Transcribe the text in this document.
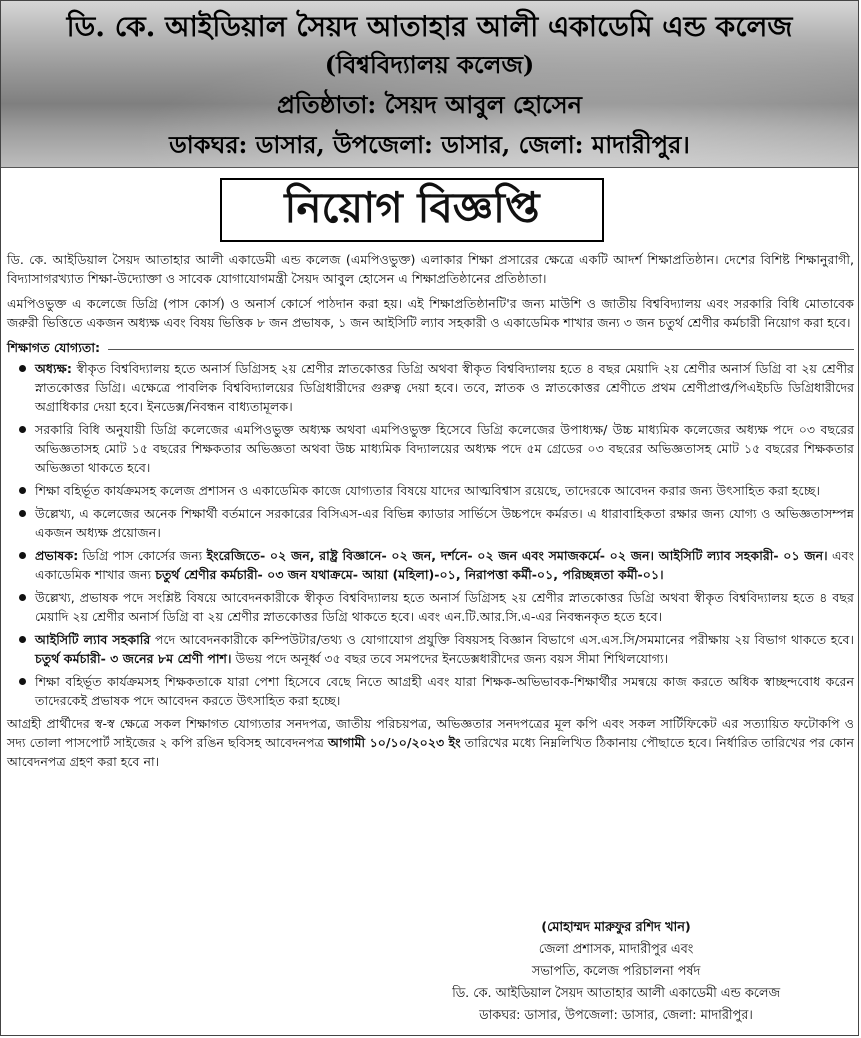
ডি. কে. আইডিয়াল সৈয়দ আতাহার আলী একাডেমি এন্ড কলেজ
(বিশ্ববিদ্যালয় কলেজ)
প্রতিষ্ঠাতা: সৈয়দ আবুল হোসেন
ডাকঘর: ডাসার, উপজেলা: ডাসার, জেলা: মাদারীপুর।
নিয়োগ বিজ্ঞপ্তি

ডি. কে. আইডিয়াল সৈয়দ আতাহার আলী একাডেমী এন্ড কলেজ (এমপিওভুক্ত) এলাকার শিক্ষা প্রসারের ক্ষেত্রে একটি আদর্শ শিক্ষাপ্রতিষ্ঠান। দেশের বিশিষ্ট শিক্ষানুরাগী, বিদ্যাসাগরখ্যাত শিক্ষা-উদ্যোক্তা ও সাবেক যোগাযোগমন্ত্রী সৈয়দ আবুল হোসেন এ শিক্ষাপ্রতিষ্ঠানের প্রতিষ্ঠাতা।

এমপিওভুক্ত এ কলেজে ডিগ্রি (পাস কোর্স) ও অনার্স কোর্সে পাঠদান করা হয়। এই শিক্ষাপ্রতিষ্ঠানটি'র জন্য মাউশি ও জাতীয় বিশ্ববিদ্যালয় এবং সরকারি বিধি মোতাবেক জরুরী ভিত্তিতে একজন অধ্যক্ষ এবং বিষয় ভিত্তিক ৮ জন প্রভাষক, ১ জন আইসিটি ল্যাব সহকারী ও একাডেমিক শাখার জন্য ৩ জন চতুর্থ শ্রেণীর কর্মচারী নিয়োগ করা হবে।

শিক্ষাগত যোগ্যতা:
অধ্যক্ষ: স্বীকৃত বিশ্ববিদ্যালয় হতে অনার্স ডিগ্রিসহ ২য় শ্রেণীর স্নাতকোত্তর ডিগ্রি অথবা স্বীকৃত বিশ্ববিদ্যালয় হতে ৪ বছর মেয়াদি ২য় শ্রেণীর অনার্স ডিগ্রি বা ২য় শ্রেণীর স্নাতকোত্তর ডিগ্রি। এক্ষেত্রে পাবলিক বিশ্ববিদ্যালয়ের ডিগ্রিধারীদের গুরুত্ব দেয়া হবে। তবে, স্নাতক ও স্নাতকোত্তর শ্রেণীতে প্রথম শ্রেণীপ্রাপ্ত/পিএইচডি ডিগ্রিধারীদের অগ্রাধিকার দেয়া হবে। ইনডেক্স/নিবন্ধন বাধ্যতামূলক।
সরকারি বিধি অনুযায়ী ডিগ্রি কলেজের এমপিওভুক্ত অধ্যক্ষ অথবা এমপিওভুক্ত হিসেবে ডিগ্রি কলেজের উপাধ্যক্ষ/ উচ্চ মাধ্যমিক কলেজের অধ্যক্ষ পদে ০৩ বছরের অভিজ্ঞতাসহ মোট ১৫ বছরের শিক্ষকতার অভিজ্ঞতা অথবা উচ্চ মাধ্যমিক বিদ্যালয়ের অধ্যক্ষ পদে ৫ম গ্রেডের ০৩ বছরের অভিজ্ঞতাসহ মোট ১৫ বছরের শিক্ষকতার অভিজ্ঞতা থাকতে হবে।
শিক্ষা বহির্ভূত কার্যক্রমসহ কলেজ প্রশাসন ও একাডেমিক কাজে যোগ্যতার বিষয়ে যাদের আত্মবিশ্বাস রয়েছে, তাদেরকে আবেদন করার জন্য উৎসাহিত করা হচ্ছে।
উল্লেখ্য, এ কলেজের অনেক শিক্ষার্থী বর্তমানে সরকারের বিসিএস-এর বিভিন্ন ক্যাডার সার্ভিসে উচ্চপদে কর্মরত। এ ধারাবাহিকতা রক্ষার জন্য যোগ্য ও অভিজ্ঞতাসম্পন্ন একজন অধ্যক্ষ প্রয়োজন।
প্রভাষক: ডিগ্রি পাস কোর্সের জন্য ইংরেজিতে- ০২ জন, রাষ্ট্র বিজ্ঞানে- ০২ জন, দর্শনে- ০২ জন এবং সমাজকর্মে- ০২ জন। আইসিটি ল্যাব সহকারী- ০১ জন। এবং একাডেমিক শাখার জন্য চতুর্থ শ্রেণীর কর্মচারী- ০৩ জন যথাক্রমে- আয়া (মহিলা)-০১, নিরাপত্তা কর্মী-০১, পরিচ্ছন্নতা কর্মী-০১।
উল্লেখ্য, প্রভাষক পদে সংশ্লিষ্ট বিষয়ে আবেদনকারীকে স্বীকৃত বিশ্ববিদ্যালয় হতে অনার্স ডিগ্রিসহ ২য় শ্রেণীর স্নাতকোত্তর ডিগ্রি অথবা স্বীকৃত বিশ্ববিদ্যালয় হতে ৪ বছর মেয়াদি ২য় শ্রেণীর অনার্স ডিগ্রি বা ২য় শ্রেণীর স্নাতকোত্তর ডিগ্রি থাকতে হবে। এবং এন.টি.আর.সি.এ-এর নিবন্ধনকৃত হতে হবে।
আইসিটি ল্যাব সহকারি পদে আবেদনকারীকে কম্পিউটার/তথ্য ও যোগাযোগ প্রযুক্তি বিষয়সহ বিজ্ঞান বিভাগে এস.এস.সি/সমমানের পরীক্ষায় ২য় বিভাগ থাকতে হবে। চতুর্থ কর্মচারী- ৩ জনের ৮ম শ্রেণী পাশ। উভয় পদে অনূর্ধ্ব ৩৫ বছর তবে সমপদের ইনডেক্সধারীদের জন্য বয়স সীমা শিথিলযোগ্য।
শিক্ষা বহির্ভূত কার্যক্রমসহ শিক্ষকতাকে যারা পেশা হিসেবে বেছে নিতে আগ্রহী এবং যারা শিক্ষক-অভিভাবক-শিক্ষার্থীর সমন্বয়ে কাজ করতে অধিক স্বাচ্ছন্দবোধ করেন তাদেরকেই প্রভাষক পদে আবেদন করতে উৎসাহিত করা হচ্ছে।

আগ্রহী প্রার্থীদের স্ব-স্ব ক্ষেত্রে সকল শিক্ষাগত যোগ্যতার সনদপত্র, জাতীয় পরিচয়পত্র, অভিজ্ঞতার সনদপত্রের মূল কপি এবং সকল সার্টিফিকেট এর সত্যায়িত ফটোকপি ও সদ্য তোলা পাসপোর্ট সাইজের ২ কপি রঙিন ছবিসহ আবেদনপত্র আগামী ১০/১০/২০২৩ ইং তারিখের মধ্যে নিম্নলিখিত ঠিকানায় পৌছাতে হবে। নির্ধারিত তারিখের পর কোন আবেদনপত্র গ্রহণ করা হবে না।

(মোহাম্মদ মারুফুর রশিদ খান)
জেলা প্রশাসক, মাদারীপুর এবং
সভাপতি, কলেজ পরিচালনা পর্ষদ
ডি. কে. আইডিয়াল সৈয়দ আতাহার আলী একাডেমী এন্ড কলেজ
ডাকঘর: ডাসার, উপজেলা: ডাসার, জেলা: মাদারীপুর।
